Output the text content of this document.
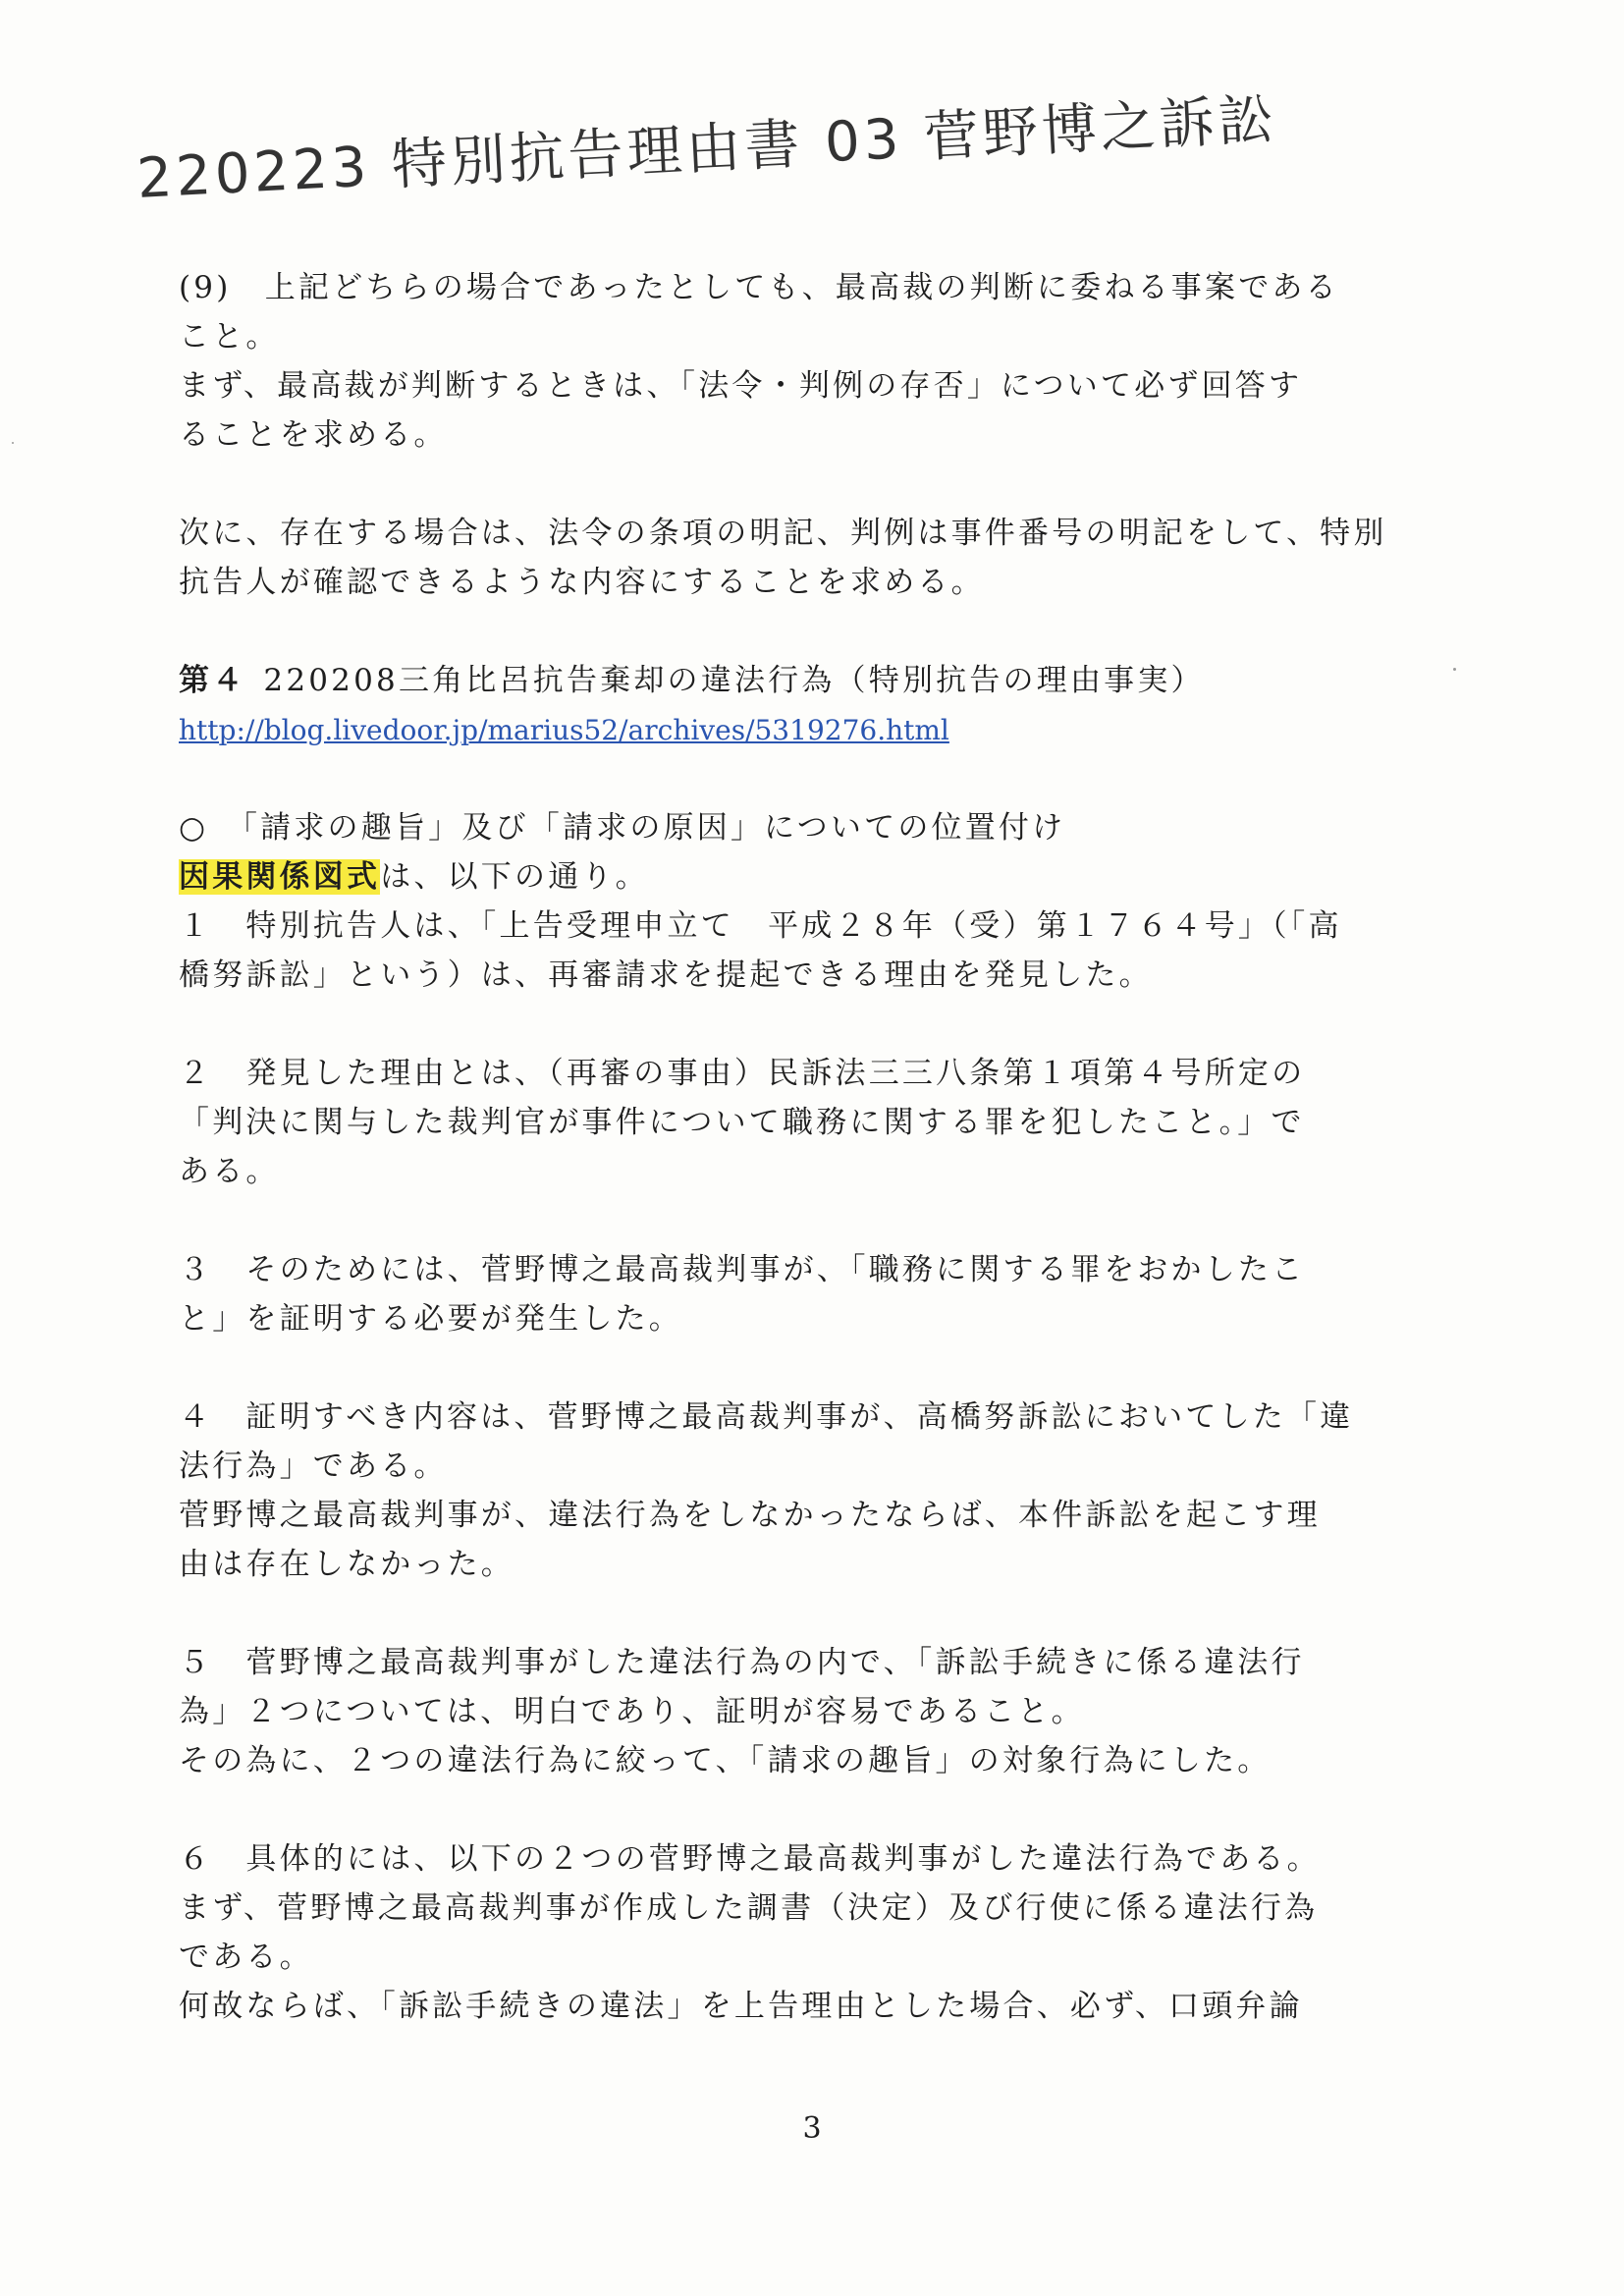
220223 特別抗告理由書 03 菅野博之訴訟
(9)　上記どちらの場合であったとしても、最高裁の判断に委ねる事案である
こと。
まず、最高裁が判断するときは、「法令・判例の存否」について必ず回答す
ることを求める。
次に、存在する場合は、法令の条項の明記、判例は事件番号の明記をして、特別
抗告人が確認できるような内容にすることを求める。
第４ 220208三角比呂抗告棄却の違法行為（特別抗告の理由事実）
http://blog.livedoor.jp/marius52/archives/5319276.html
○　「請求の趣旨」及び「請求の原因」についての位置付け
因果関係図式は、以下の通り。
１　特別抗告人は、「上告受理申立て　平成２８年（受）第１７６４号」（「高
橋努訴訟」という）は、再審請求を提起できる理由を発見した。
２　発見した理由とは、（再審の事由）民訴法三三八条第１項第４号所定の
「判決に関与した裁判官が事件について職務に関する罪を犯したこと。」で
ある。
３　そのためには、菅野博之最高裁判事が、「職務に関する罪をおかしたこ
と」を証明する必要が発生した。
４　証明すべき内容は、菅野博之最高裁判事が、高橋努訴訟においてした「違
法行為」である。
菅野博之最高裁判事が、違法行為をしなかったならば、本件訴訟を起こす理
由は存在しなかった。
５　菅野博之最高裁判事がした違法行為の内で、「訴訟手続きに係る違法行
為」２つについては、明白であり、証明が容易であること。
その為に、２つの違法行為に絞って、「請求の趣旨」の対象行為にした。
６　具体的には、以下の２つの菅野博之最高裁判事がした違法行為である。
まず、菅野博之最高裁判事が作成した調書（決定）及び行使に係る違法行為
である。
何故ならば、「訴訟手続きの違法」を上告理由とした場合、必ず、口頭弁論
3
